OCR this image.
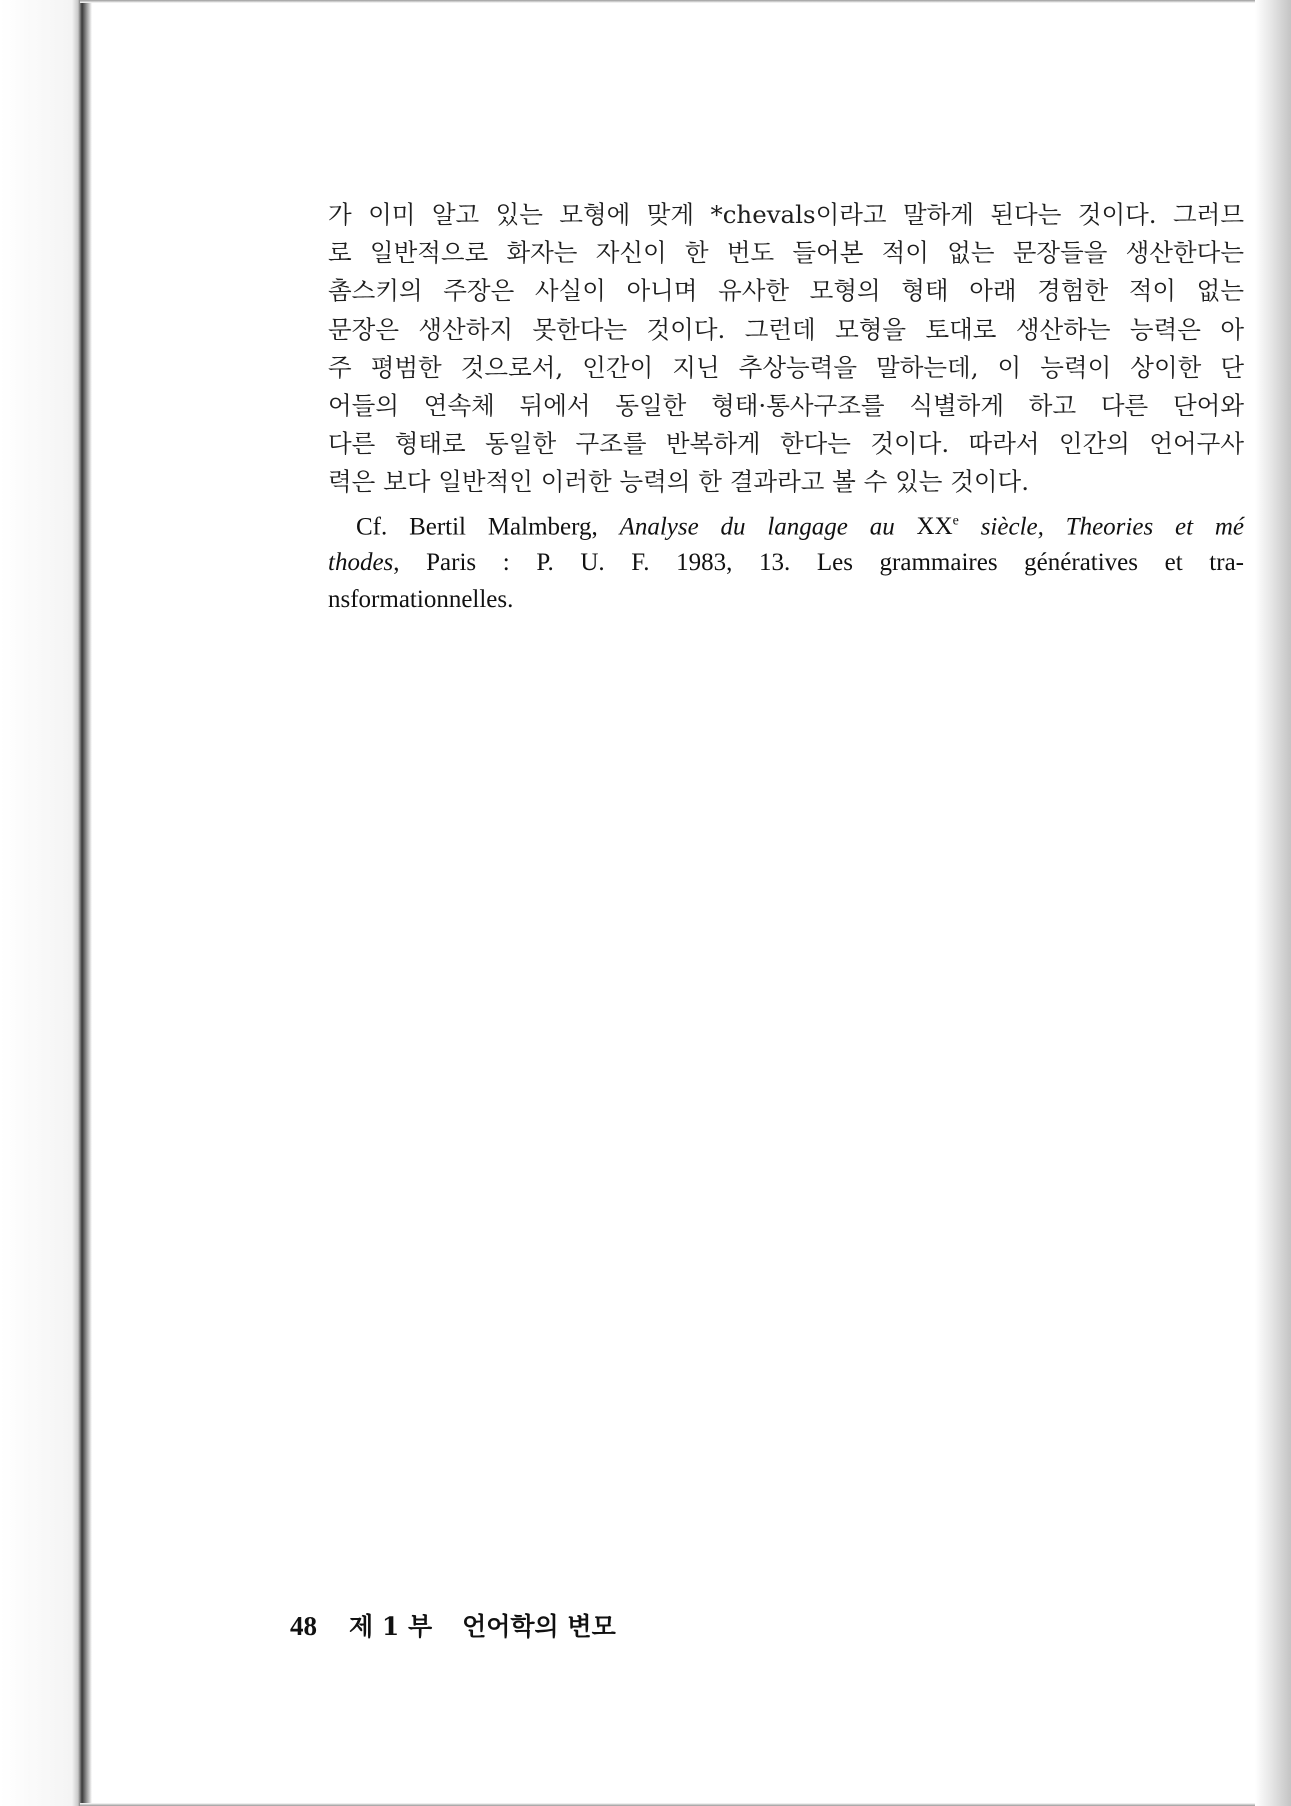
가 이미 알고 있는 모형에 맞게 *chevals이라고 말하게 된다는 것이다. 그러므
로 일반적으로 화자는 자신이 한 번도 들어본 적이 없는 문장들을 생산한다는
촘스키의 주장은 사실이 아니며 유사한 모형의 형태 아래 경험한 적이 없는
문장은 생산하지 못한다는 것이다. 그런데 모형을 토대로 생산하는 능력은 아
주 평범한 것으로서, 인간이 지닌 추상능력을 말하는데, 이 능력이 상이한 단
어들의 연속체 뒤에서 동일한 형태·통사구조를 식별하게 하고 다른 단어와
다른 형태로 동일한 구조를 반복하게 한다는 것이다. 따라서 인간의 언어구사
력은 보다 일반적인 이러한 능력의 한 결과라고 볼 수 있는 것이다.
Cf. Bertil Malmberg, Analyse du langage au XXe siècle, Theories et mé
thodes, Paris : P. U. F. 1983, 13. Les grammaires génératives et tra-
nsformationnelles.
48 제 1 부 언어학의 변모
